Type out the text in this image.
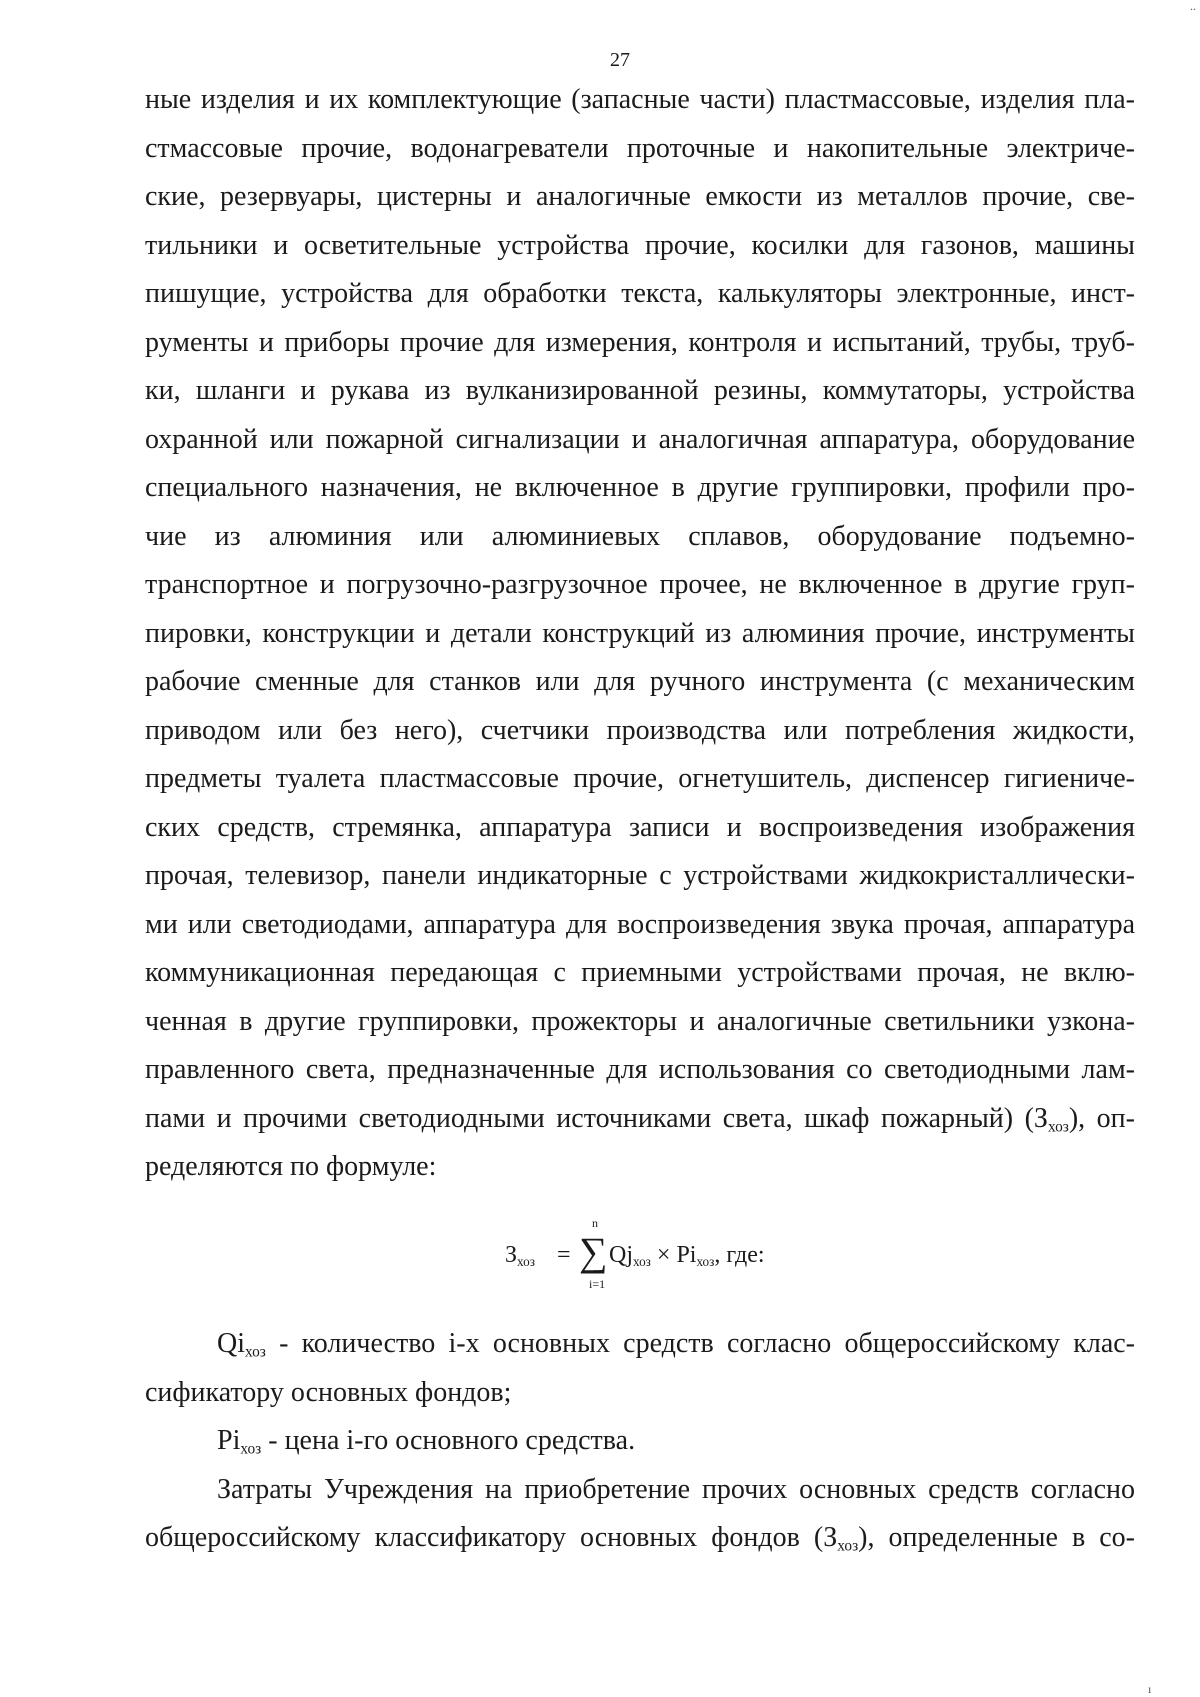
..
27
ные изделия и их комплектующие (запасные части) пластмассовые, изделия пла-
стмассовые прочие, водонагреватели проточные и накопительные электриче-
ские, резервуары, цистерны и аналогичные емкости из металлов прочие, све-
тильники и осветительные устройства прочие, косилки для газонов, машины
пишущие, устройства для обработки текста, калькуляторы электронные, инст-
рументы и приборы прочие для измерения, контроля и испытаний, трубы, труб-
ки, шланги и рукава из вулканизированной резины, коммутаторы, устройства
охранной или пожарной сигнализации и аналогичная аппаратура, оборудование
специального назначения, не включенное в другие группировки, профили про-
чие из алюминия или алюминиевых сплавов, оборудование подъемно-
транспортное и погрузочно-разгрузочное прочее, не включенное в другие груп-
пировки, конструкции и детали конструкций из алюминия прочие, инструменты
рабочие сменные для станков или для ручного инструмента (с механическим
приводом или без него), счетчики производства или потребления жидкости,
предметы туалета пластмассовые прочие, огнетушитель, диспенсер гигиениче-
ских средств, стремянка, аппаратура записи и воспроизведения изображения
прочая, телевизор, панели индикаторные с устройствами жидкокристаллически-
ми или светодиодами, аппаратура для воспроизведения звука прочая, аппаратура
коммуникационная передающая с приемными устройствами прочая, не вклю-
ченная в другие группировки, прожекторы и аналогичные светильники узкона-
правленного света, предназначенные для использования со светодиодными лам-
пами и прочими светодиодными источниками света, шкаф пожарный) $(З_{хоз})$, оп-
ределяются по формуле:
$З_{хоз}$ =
n
∑
i=1
$Qj_{хоз} \times Pi_{хоз}$, где:
$Qi_{хоз}$ - количество i-х основных средств согласно общероссийскому клас-
сификатору основных фондов;
$Pi_{хоз}$ - цена i-го основного средства.
Затраты Учреждения на приобретение прочих основных средств согласно
общероссийскому классификатору основных фондов $(З_{хоз})$, определенные в со-
ı
